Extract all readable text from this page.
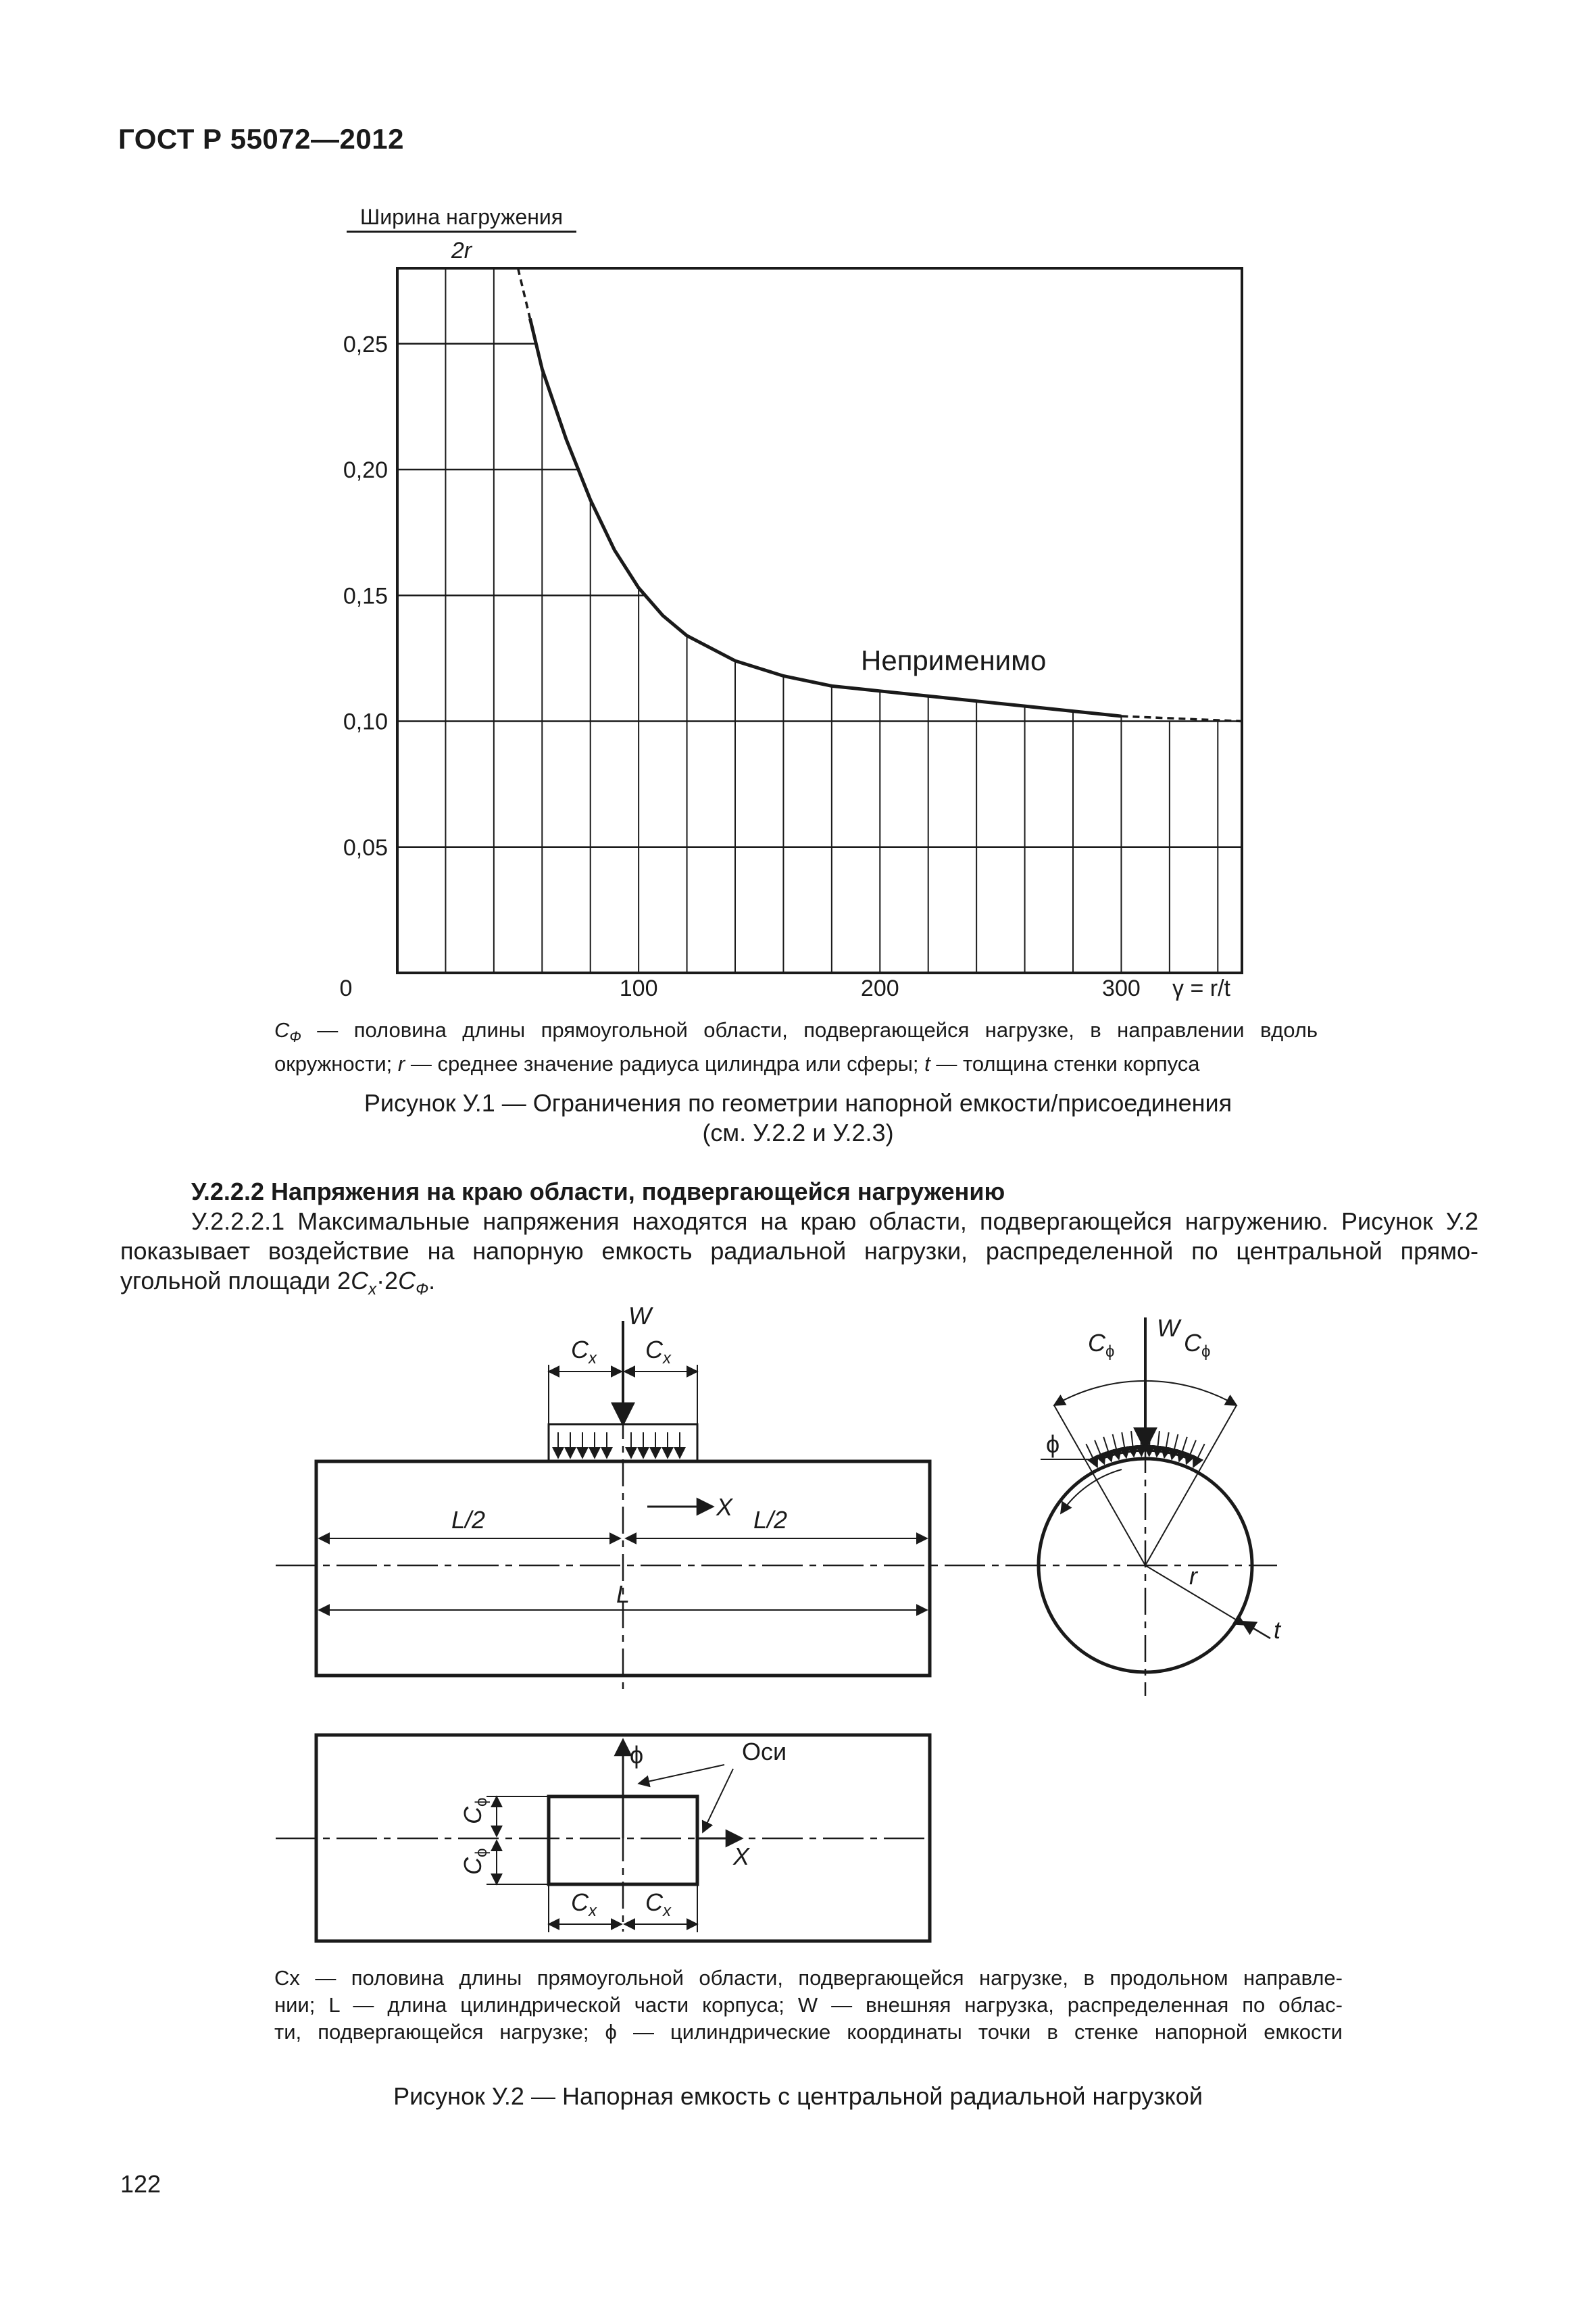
ГОСТ Р 55072—2012
0,25
0,20
0,15
0,10
0,05
100	200	300
Ширина нагружения
2r
Неприменимо
0	γ = r/t
$C_Ф$ — половина длины прямоугольной области, подвергающейся нагрузке, в направлении вдоль
окружности; r — среднее значение радиуса цилиндра или сферы; t — толщина стенки корпуса
Рисунок У.1 — Ограничения по геометрии напорной емкости/присоединения
(см. У.2.2 и У.2.3)
У.2.2.2 Напряжения на краю области, подвергающейся нагружению
У.2.2.2.1 Максимальные напряжения находятся на краю области, подвергающейся нагружению. Рисунок У.2
показывает воздействие на напорную емкость радиальной нагрузки, распределенной по центральной прямо-
угольной площади $2C_x\cdot 2C_Ф$.
W
$C_x$ $C_x$
X
L/2	L/2
L
$C_\phi$
W
$C_\phi$
ϕ
r
t
ϕ	Оси
X
$C_x$ $C_x$
$C_\phi$
$C_\phi$
Cx — половина длины прямоугольной области, подвергающейся нагрузке, в продольном направле-
нии; L — длина цилиндрической части корпуса; W — внешняя нагрузка, распределенная по облас-
ти, подвергающейся нагрузке; ϕ — цилиндрические координаты точки в стенке напорной емкости
Рисунок У.2 — Напорная емкость с центральной радиальной нагрузкой
122
